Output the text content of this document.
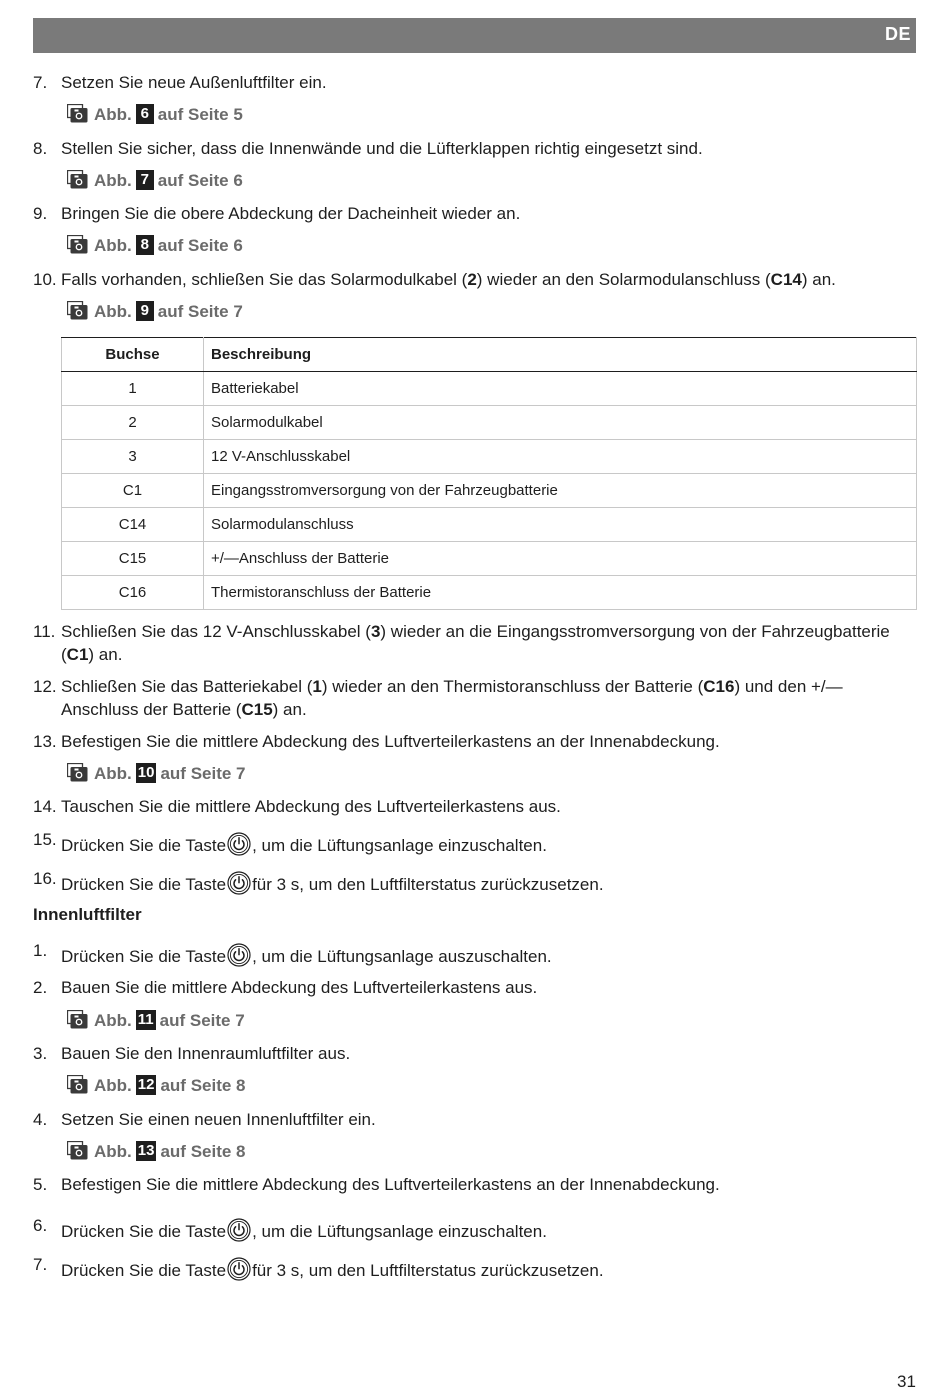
DE
7. Setzen Sie neue Außenluftfilter ein.
Abb. 6 auf Seite 5
8. Stellen Sie sicher, dass die Innenwände und die Lüfterklappen richtig eingesetzt sind.
Abb. 7 auf Seite 6
9. Bringen Sie die obere Abdeckung der Dacheinheit wieder an.
Abb. 8 auf Seite 6
10. Falls vorhanden, schließen Sie das Solarmodulkabel (2) wieder an den Solarmodulanschluss (C14) an.
Abb. 9 auf Seite 7
Buchse	Beschreibung
1	Batteriekabel
2	Solarmodulkabel
3	12 V-Anschlusskabel
C1	Eingangsstromversorgung von der Fahrzeugbatterie
C14	Solarmodulanschluss
C15	+/—Anschluss der Batterie
C16	Thermistoranschluss der Batterie
11. Schließen Sie das 12 V-Anschlusskabel (3) wieder an die Eingangsstromversorgung von der Fahrzeugbatterie (C1) an.
12. Schließen Sie das Batteriekabel (1) wieder an den Thermistoranschluss der Batterie (C16) und den +/—Anschluss der Batterie (C15) an.
13. Befestigen Sie die mittlere Abdeckung des Luftverteilerkastens an der Innenabdeckung.
Abb. 10 auf Seite 7
14. Tauschen Sie die mittlere Abdeckung des Luftverteilerkastens aus.
15. Drücken Sie die Taste , um die Lüftungsanlage einzuschalten.
16. Drücken Sie die Taste für 3 s, um den Luftfilterstatus zurückzusetzen.
Innenluftfilter
1. Drücken Sie die Taste , um die Lüftungsanlage auszuschalten.
2. Bauen Sie die mittlere Abdeckung des Luftverteilerkastens aus.
Abb. 11 auf Seite 7
3. Bauen Sie den Innenraumluftfilter aus.
Abb. 12 auf Seite 8
4. Setzen Sie einen neuen Innenluftfilter ein.
Abb. 13 auf Seite 8
5. Befestigen Sie die mittlere Abdeckung des Luftverteilerkastens an der Innenabdeckung.
6. Drücken Sie die Taste , um die Lüftungsanlage einzuschalten.
7. Drücken Sie die Taste für 3 s, um den Luftfilterstatus zurückzusetzen.
31
